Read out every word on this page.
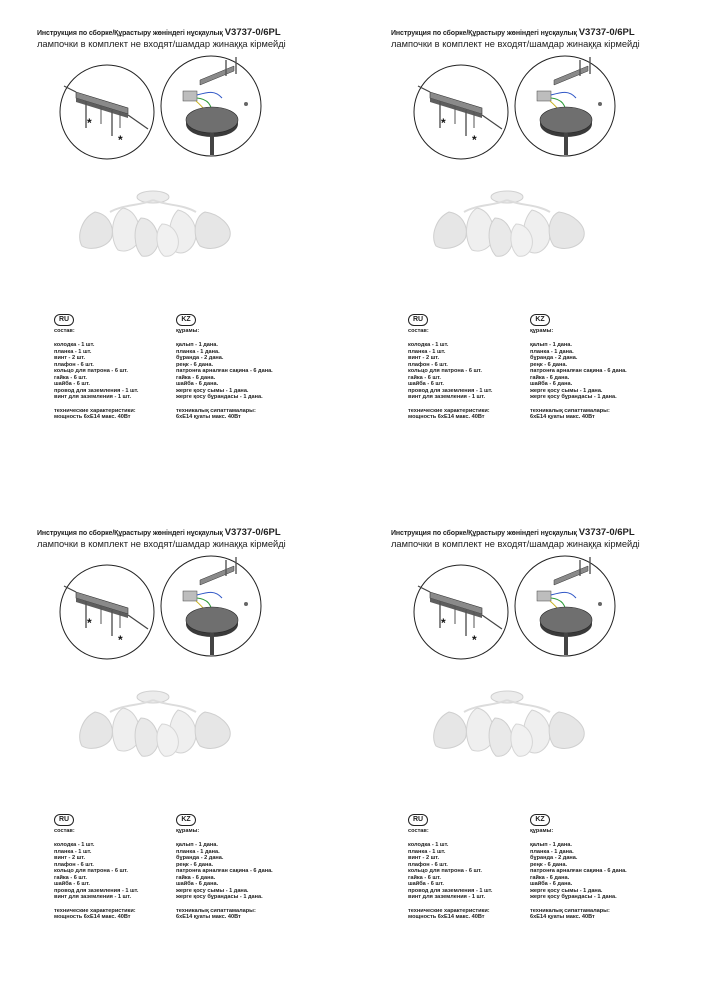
Инструкция по сборке/Құрастыру жөніндегі нұсқаулық V3737-0/6PL
лампочки в комплект не входят/шамдар жинаққа кірмейді
*
*
RU	KZ
состав:
колодка - 1 шт.
планка - 1 шт.
винт - 2 шт.
плафон - 6 шт.
кольцо для патрона - 6 шт.
гайка - 6 шт.
шайба - 6 шт.
провод для заземления - 1 шт.
винт для заземления - 1 шт.
технические характеристики:
мощность 6xE14 макс. 40Вт
құрамы:
қалып - 1 дана.
планка - 1 дана.
бұранда - 2 дана.
реңк - 6 дана.
патронға арналған сақина - 6 дана.
гайка - 6 дана.
шайба - 6 дана.
жерге қосу сымы - 1 дана.
жерге қосу бұрандасы - 1 дана.
техникалық сипаттамалары:
6xE14 қуаты макс. 40Вт
Инструкция по сборке/Құрастыру жөніндегі нұсқаулық V3737-0/6PL
лампочки в комплект не входят/шамдар жинаққа кірмейді
*
*
RU	KZ
состав:
колодка - 1 шт.
планка - 1 шт.
винт - 2 шт.
плафон - 6 шт.
кольцо для патрона - 6 шт.
гайка - 6 шт.
шайба - 6 шт.
провод для заземления - 1 шт.
винт для заземления - 1 шт.
технические характеристики:
мощность 6xE14 макс. 40Вт
құрамы:
қалып - 1 дана.
планка - 1 дана.
бұранда - 2 дана.
реңк - 6 дана.
патронға арналған сақина - 6 дана.
гайка - 6 дана.
шайба - 6 дана.
жерге қосу сымы - 1 дана.
жерге қосу бұрандасы - 1 дана.
техникалық сипаттамалары:
6xE14 қуаты макс. 40Вт
Инструкция по сборке/Құрастыру жөніндегі нұсқаулық V3737-0/6PL
лампочки в комплект не входят/шамдар жинаққа кірмейді
*
*
RU	KZ
состав:
колодка - 1 шт.
планка - 1 шт.
винт - 2 шт.
плафон - 6 шт.
кольцо для патрона - 6 шт.
гайка - 6 шт.
шайба - 6 шт.
провод для заземления - 1 шт.
винт для заземления - 1 шт.
технические характеристики:
мощность 6xE14 макс. 40Вт
құрамы:
қалып - 1 дана.
планка - 1 дана.
бұранда - 2 дана.
реңк - 6 дана.
патронға арналған сақина - 6 дана.
гайка - 6 дана.
шайба - 6 дана.
жерге қосу сымы - 1 дана.
жерге қосу бұрандасы - 1 дана.
техникалық сипаттамалары:
6xE14 қуаты макс. 40Вт
Инструкция по сборке/Құрастыру жөніндегі нұсқаулық V3737-0/6PL
лампочки в комплект не входят/шамдар жинаққа кірмейді
*
*
RU	KZ
состав:
колодка - 1 шт.
планка - 1 шт.
винт - 2 шт.
плафон - 6 шт.
кольцо для патрона - 6 шт.
гайка - 6 шт.
шайба - 6 шт.
провод для заземления - 1 шт.
винт для заземления - 1 шт.
технические характеристики:
мощность 6xE14 макс. 40Вт
құрамы:
қалып - 1 дана.
планка - 1 дана.
бұранда - 2 дана.
реңк - 6 дана.
патронға арналған сақина - 6 дана.
гайка - 6 дана.
шайба - 6 дана.
жерге қосу сымы - 1 дана.
жерге қосу бұрандасы - 1 дана.
техникалық сипаттамалары:
6xE14 қуаты макс. 40Вт
